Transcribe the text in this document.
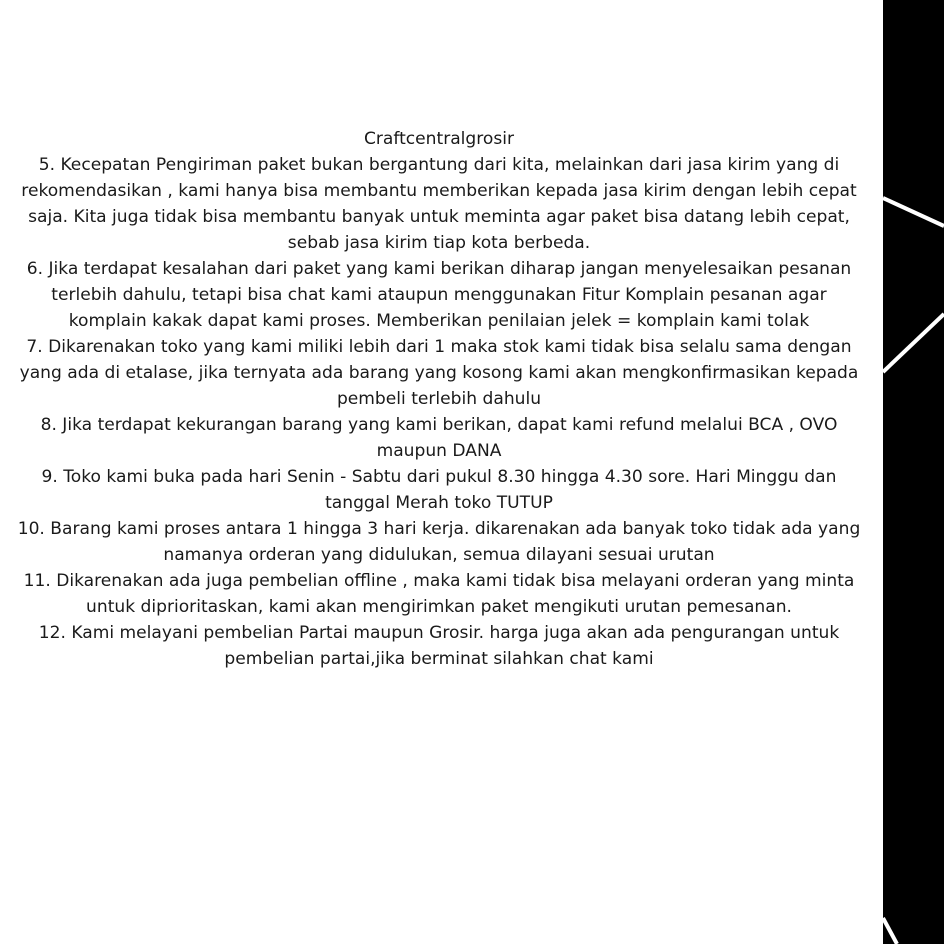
Craftcentralgrosir
5. Kecepatan Pengiriman paket bukan bergantung dari kita, melainkan dari jasa kirim yang di
rekomendasikan , kami hanya bisa membantu memberikan kepada jasa kirim dengan lebih cepat
saja. Kita juga tidak bisa membantu banyak untuk meminta agar paket bisa datang lebih cepat,
sebab jasa kirim tiap kota berbeda.
6. Jika terdapat kesalahan dari paket yang kami berikan diharap jangan menyelesaikan pesanan
terlebih dahulu, tetapi bisa chat kami ataupun menggunakan Fitur Komplain pesanan agar
komplain kakak dapat kami proses. Memberikan penilaian jelek = komplain kami tolak
7. Dikarenakan toko yang kami miliki lebih dari 1 maka stok kami tidak bisa selalu sama dengan
yang ada di etalase, jika ternyata ada barang yang kosong kami akan mengkonfirmasikan kepada
pembeli terlebih dahulu
8. Jika terdapat kekurangan barang yang kami berikan, dapat kami refund melalui BCA , OVO
maupun DANA
9. Toko kami buka pada hari Senin - Sabtu dari pukul 8.30 hingga 4.30 sore. Hari Minggu dan
tanggal Merah toko TUTUP
10. Barang kami proses antara 1 hingga 3 hari kerja. dikarenakan ada banyak toko tidak ada yang
namanya orderan yang didulukan, semua dilayani sesuai urutan
11. Dikarenakan ada juga pembelian offline , maka kami tidak bisa melayani orderan yang minta
untuk diprioritaskan, kami akan mengirimkan paket mengikuti urutan pemesanan.
12. Kami melayani pembelian Partai maupun Grosir. harga juga akan ada pengurangan untuk
pembelian partai,jika berminat silahkan chat kami
